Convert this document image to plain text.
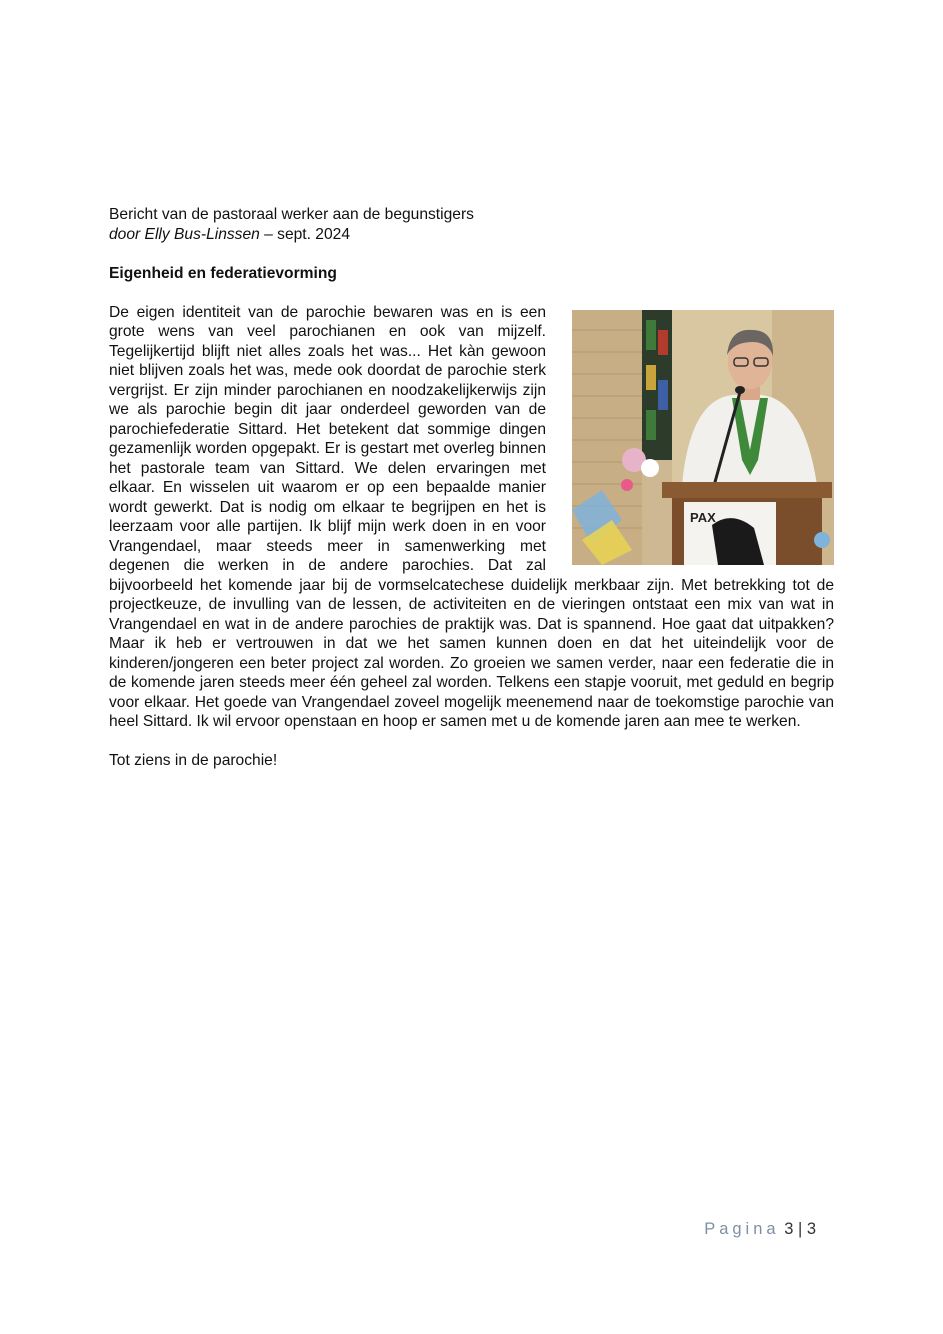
Bericht van de pastoraal werker aan de begunstigers

door Elly Bus-Linssen – sept. 2024

Eigenheid en federatievorming

PAX

De eigen identiteit van de parochie bewaren was en is een grote wens van veel parochianen en ook van mijzelf. Tegelijkertijd blijft niet alles zoals het was... Het kàn gewoon niet blijven zoals het was, mede ook doordat de parochie sterk vergrijst. Er zijn minder parochianen en noodzakelijkerwijs zijn we als parochie begin dit jaar onderdeel geworden van de parochiefederatie Sittard. Het betekent dat sommige dingen gezamenlijk worden opgepakt. Er is gestart met overleg binnen het pastorale team van Sittard. We delen ervaringen met elkaar. En wisselen uit waarom er op een bepaalde manier wordt gewerkt. Dat is nodig om elkaar te begrijpen en het is leerzaam voor alle partijen. Ik blijf mijn werk doen in en voor Vrangendael, maar steeds meer in samenwerking met degenen die werken in de andere parochies. Dat zal bijvoorbeeld het komende jaar bij de vormselcatechese duidelijk merkbaar zijn. Met betrekking tot de projectkeuze, de invulling van de lessen, de activiteiten en de vieringen ontstaat een mix van wat in Vrangendael en wat in de andere parochies de praktijk was. Dat is spannend. Hoe gaat dat uitpakken? Maar ik heb er vertrouwen in dat we het samen kunnen doen en dat het uiteindelijk voor de kinderen/jongeren een beter project zal worden. Zo groeien we samen verder, naar een federatie die in de komende jaren steeds meer één geheel zal worden. Telkens een stapje vooruit, met geduld en begrip voor elkaar. Het goede van Vrangendael zoveel mogelijk meenemend naar de toekomstige parochie van heel Sittard. Ik wil ervoor openstaan en hoop er samen met u de komende jaren aan mee te werken.

Tot ziens in de parochie!

Pagina 3 | 3
